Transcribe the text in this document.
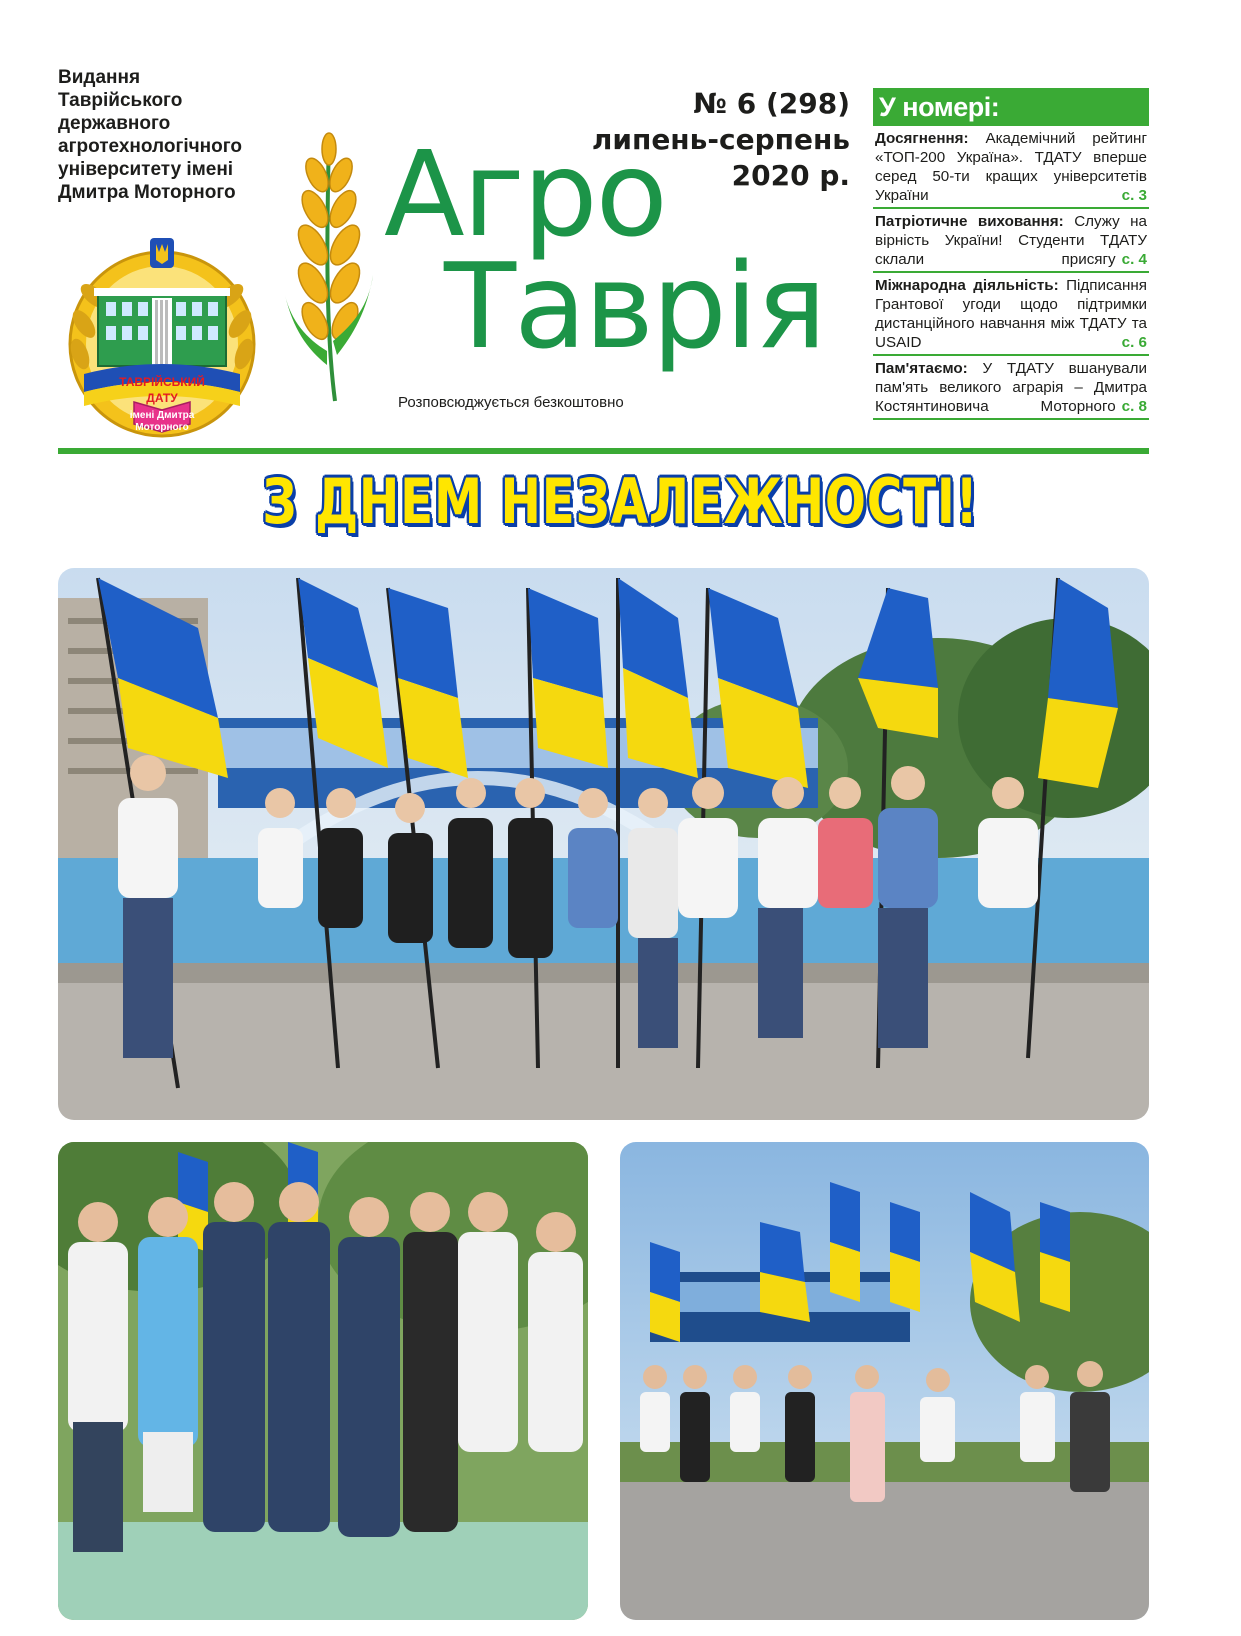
Видання
Таврійського
державного
агротехнологічного
університету імені
Дмитра Моторного
ТАВРІЙСЬКИЙ
ДАТУ
імені Дмитра
Моторного
Агро
Таврія
№ 6 (298)
липень-серпень
2020 р.
Розповсюджується безкоштовно
У номері:
Досягнення: Академічний рейтинг «ТОП-200 Україна». ТДАТУ вперше серед 50-ти кращих університетів України	с. 3
Патріотичне виховання: Служу на вірність України! Студенти ТДАТУ склали присягу с. 4
Міжнародна діяльність: Підписання Грантової угоди щодо підтримки дистанційного навчання між ТДАТУ та USAID	с. 6
Пам'ятаємо: У ТДАТУ вшанували пам'ять великого аграрія – Дмитра Костянтиновича Моторного с. 8
З ДНЕМ НЕЗАЛЕЖНОСТІ!
